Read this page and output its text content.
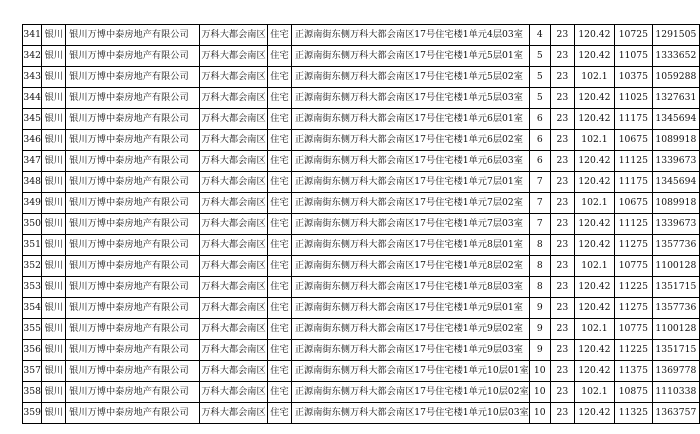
341	银川	银川万博中泰房地产有限公司	万科大都会南区	住宅	正源南街东侧万科大都会南区17号住宅楼1单元4层03室	4	23	120.42	10725	1291505
342	银川	银川万博中泰房地产有限公司	万科大都会南区	住宅	正源南街东侧万科大都会南区17号住宅楼1单元5层01室	5	23	120.42	11075	1333652
343	银川	银川万博中泰房地产有限公司	万科大都会南区	住宅	正源南街东侧万科大都会南区17号住宅楼1单元5层02室	5	23	102.1	10375	1059288
344	银川	银川万博中泰房地产有限公司	万科大都会南区	住宅	正源南街东侧万科大都会南区17号住宅楼1单元5层03室	5	23	120.42	11025	1327631
345	银川	银川万博中泰房地产有限公司	万科大都会南区	住宅	正源南街东侧万科大都会南区17号住宅楼1单元6层01室	6	23	120.42	11175	1345694
346	银川	银川万博中泰房地产有限公司	万科大都会南区	住宅	正源南街东侧万科大都会南区17号住宅楼1单元6层02室	6	23	102.1	10675	1089918
347	银川	银川万博中泰房地产有限公司	万科大都会南区	住宅	正源南街东侧万科大都会南区17号住宅楼1单元6层03室	6	23	120.42	11125	1339673
348	银川	银川万博中泰房地产有限公司	万科大都会南区	住宅	正源南街东侧万科大都会南区17号住宅楼1单元7层01室	7	23	120.42	11175	1345694
349	银川	银川万博中泰房地产有限公司	万科大都会南区	住宅	正源南街东侧万科大都会南区17号住宅楼1单元7层02室	7	23	102.1	10675	1089918
350	银川	银川万博中泰房地产有限公司	万科大都会南区	住宅	正源南街东侧万科大都会南区17号住宅楼1单元7层03室	7	23	120.42	11125	1339673
351	银川	银川万博中泰房地产有限公司	万科大都会南区	住宅	正源南街东侧万科大都会南区17号住宅楼1单元8层01室	8	23	120.42	11275	1357736
352	银川	银川万博中泰房地产有限公司	万科大都会南区	住宅	正源南街东侧万科大都会南区17号住宅楼1单元8层02室	8	23	102.1	10775	1100128
353	银川	银川万博中泰房地产有限公司	万科大都会南区	住宅	正源南街东侧万科大都会南区17号住宅楼1单元8层03室	8	23	120.42	11225	1351715
354	银川	银川万博中泰房地产有限公司	万科大都会南区	住宅	正源南街东侧万科大都会南区17号住宅楼1单元9层01室	9	23	120.42	11275	1357736
355	银川	银川万博中泰房地产有限公司	万科大都会南区	住宅	正源南街东侧万科大都会南区17号住宅楼1单元9层02室	9	23	102.1	10775	1100128
356	银川	银川万博中泰房地产有限公司	万科大都会南区	住宅	正源南街东侧万科大都会南区17号住宅楼1单元9层03室	9	23	120.42	11225	1351715
357	银川	银川万博中泰房地产有限公司	万科大都会南区	住宅	正源南街东侧万科大都会南区17号住宅楼1单元10层01室	10	23	120.42	11375	1369778
358	银川	银川万博中泰房地产有限公司	万科大都会南区	住宅	正源南街东侧万科大都会南区17号住宅楼1单元10层02室	10	23	102.1	10875	1110338
359	银川	银川万博中泰房地产有限公司	万科大都会南区	住宅	正源南街东侧万科大都会南区17号住宅楼1单元10层03室	10	23	120.42	11325	1363757
